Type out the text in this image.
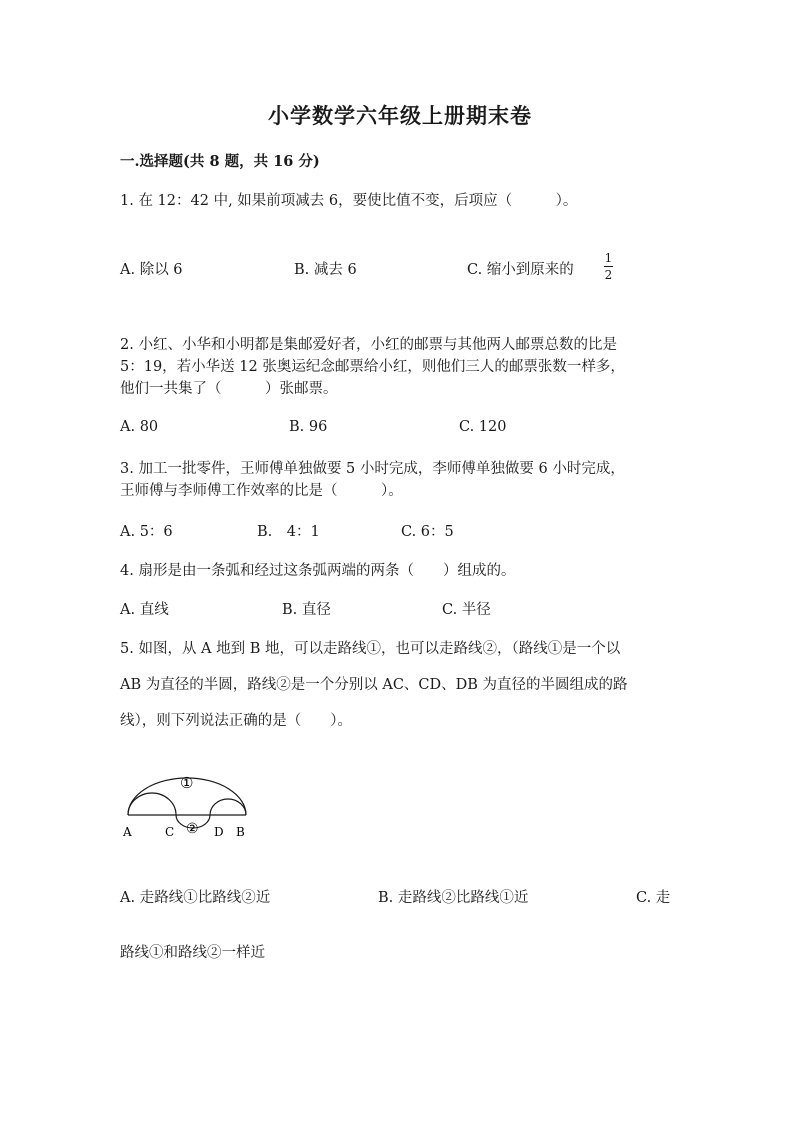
小学数学六年级上册期末卷
一.选择题(共 8 题，共 16 分)
1. 在 12：42 中, 如果前项减去 6，要使比值不变，后项应（　　　）。
A. 除以 6	B. 减去 6	C. 缩小到原来的	$\frac{1}{2}$
2. 小红、小华和小明都是集邮爱好者，小红的邮票与其他两人邮票总数的比是
5：19，若小华送 12 张奥运纪念邮票给小红，则他们三人的邮票张数一样多，
他们一共集了（　　　）张邮票。
A. 80	B. 96	C. 120
3. 加工一批零件，王师傅单独做要 5 小时完成，李师傅单独做要 6 小时完成，
王师傅与李师傅工作效率的比是（　　　）。
A. 5：6	B.　4：1	C. 6：5
4. 扇形是由一条弧和经过这条弧两端的两条（　　）组成的。
A. 直线	B. 直径	C. 半径
5. 如图，从 A 地到 B 地，可以走路线①，也可以走路线②，（路线①是一个以
AB 为直径的半圆，路线②是一个分别以 AC、CD、DB 为直径的半圆组成的路
线），则下列说法正确的是（　　）。
①
②
A	C	D B
A. 走路线①比路线②近	B. 走路线②比路线①近	C. 走
路线①和路线②一样近
